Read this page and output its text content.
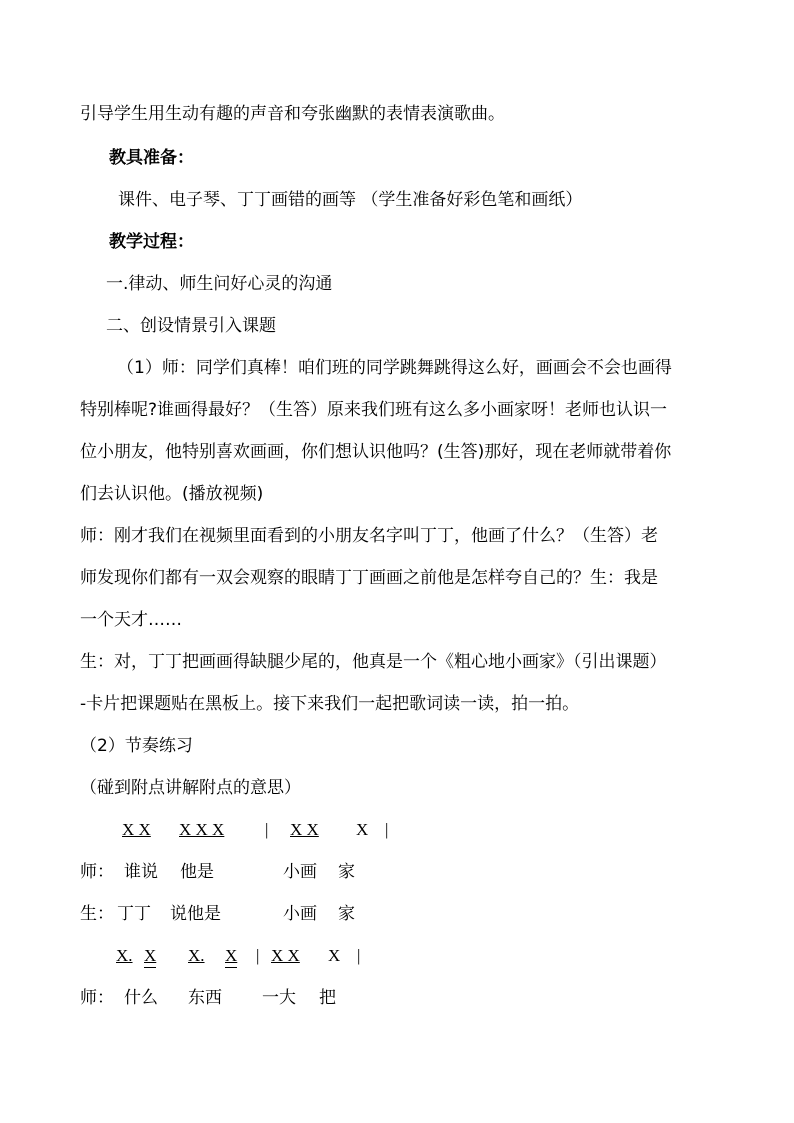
引导学生用生动有趣的声音和夸张幽默的表情表演歌曲。
教具准备：
课件、电子琴、丁丁画错的画等 （学生准备好彩色笔和画纸）
教学过程：
一.律动、师生问好心灵的沟通
二、创设情景引入课题
（1）师：同学们真棒！咱们班的同学跳舞跳得这么好，画画会不会也画得
特别棒呢?谁画得最好？（生答）原来我们班有这么多小画家呀！老师也认识一
位小朋友，他特别喜欢画画，你们想认识他吗？(生答)那好，现在老师就带着你
们去认识他。(播放视频)
师：刚才我们在视频里面看到的小朋友名字叫丁丁，他画了什么？（生答）老
师发现你们都有一双会观察的眼睛丁丁画画之前他是怎样夸自己的？生：我是
一个天才……
生：对，丁丁把画画得缺腿少尾的，他真是一个《粗心地小画家》（引出课题）
-卡片把课题贴在黑板上。接下来我们一起把歌词读一读，拍一拍。
（2）节奏练习
（碰到附点讲解附点的意思）
X X X X X | X X X |
师： 谁说 他是	小画 家
生： 丁丁 说他是	小画 家
X. X X. X | X X X |
师： 什么 东西 一大 把
